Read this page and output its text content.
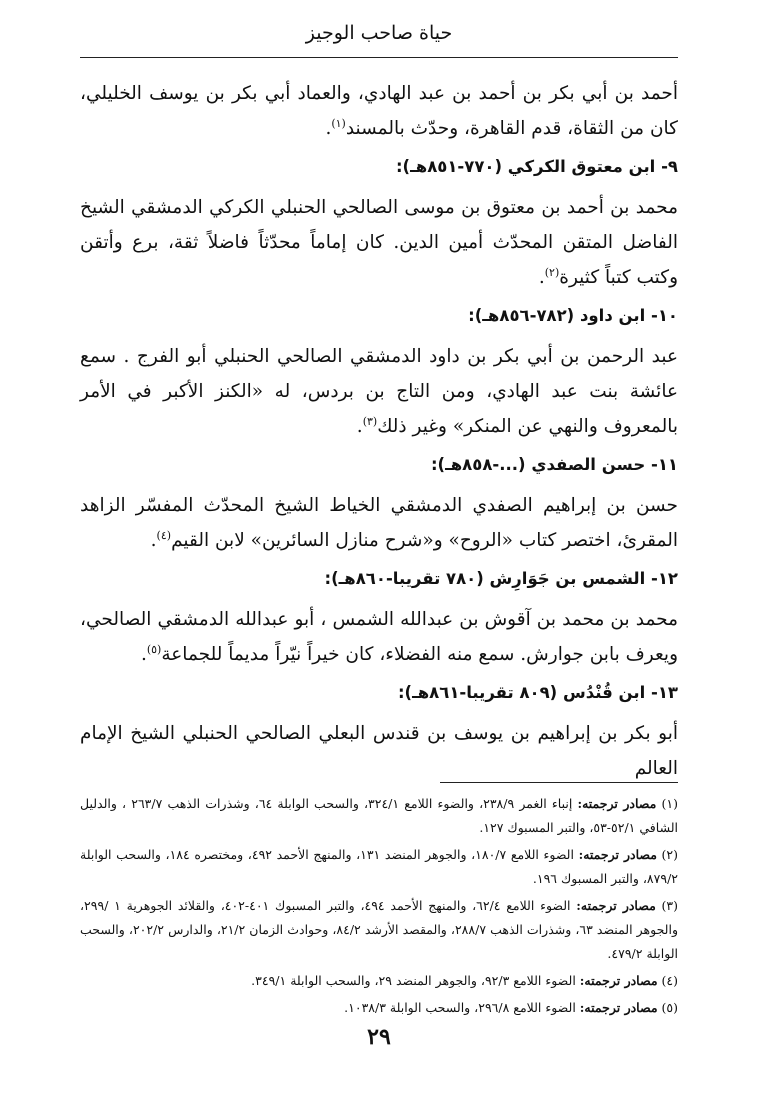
حياة صاحب الوجيز

أحمد بن أبي بكر بن أحمد بن عبد الهادي، والعماد أبي بكر بن يوسف الخليلي، كان من الثقاة، قدم القاهرة، وحدّث بالمسند$^{(١)}$.

٩- ابن معتوق الكركي (٧٧٠-٨٥١هـ):

محمد بن أحمد بن معتوق بن موسى الصالحي الحنبلي الكركي الدمشقي الشيخ الفاضل المتقن المحدّث أمين الدين. كان إماماً محدّثاً فاضلاً ثقة، برع وأتقن وكتب كتباً كثيرة$^{(٢)}$.

١٠- ابن داود (٧٨٢-٨٥٦هـ):

عبد الرحمن بن أبي بكر بن داود الدمشقي الصالحي الحنبلي أبو الفرج . سمع عائشة بنت عبد الهادي، ومن التاج بن بردس، له «الكنز الأكبر في الأمر بالمعروف والنهي عن المنكر» وغير ذلك$^{(٣)}$.

١١- حسن الصفدي (...-٨٥٨هـ):

حسن بن إبراهيم الصفدي الدمشقي الخياط الشيخ المحدّث المفسّر الزاهد المقرئ، اختصر كتاب «الروح» و«شرح منازل السائرين» لابن القيم$^{(٤)}$.

١٢- الشمس بن جَوَارِش (٧٨٠ تقريبا-٨٦٠هـ):

محمد بن محمد بن آقوش بن عبدالله الشمس ، أبو عبدالله الدمشقي الصالحي، ويعرف بابن جوارش. سمع منه الفضلاء، كان خيراً نيّراً مديماً للجماعة$^{(٥)}$.

١٣- ابن قُنْدُس (٨٠٩ تقريبا-٨٦١هـ):

أبو بكر بن إبراهيم بن يوسف بن قندس البعلي الصالحي الحنبلي الشيخ الإمام العالم

(١) مصادر ترجمته: إنباء الغمر ٢٣٨/٩، والضوء اللامع ٣٢٤/١، والسحب الوابلة ٦٤، وشذرات الذهب ٢٦٣/٧ ، والدليل الشافي ٥٢/١-٥٣، والتبر المسبوك ١٢٧.

(٢) مصادر ترجمته: الضوء اللامع ١٨٠/٧، والجوهر المنضد ١٣١، والمنهج الأحمد ٤٩٢، ومختصره ١٨٤، والسحب الوابلة ٨٧٩/٢، والتبر المسبوك ١٩٦.

(٣) مصادر ترجمته: الضوء اللامع ٦٢/٤، والمنهج الأحمد ٤٩٤، والتبر المسبوك ٤٠١-٤٠٢، والقلائد الجوهرية ١ /٢٩٩، والجوهر المنضد ٦٣، وشذرات الذهب ٢٨٨/٧، والمقصد الأرشد ٨٤/٢، وحوادث الزمان ٢١/٢، والدارس ٢٠٢/٢، والسحب الوابلة ٤٧٩/٢.

(٤) مصادر ترجمته: الضوء اللامع ٩٢/٣، والجوهر المنضد ٢٩، والسحب الوابلة ٣٤٩/١.

(٥) مصادر ترجمته: الضوء اللامع ٢٩٦/٨، والسحب الوابلة ١٠٣٨/٣.

٢٩
